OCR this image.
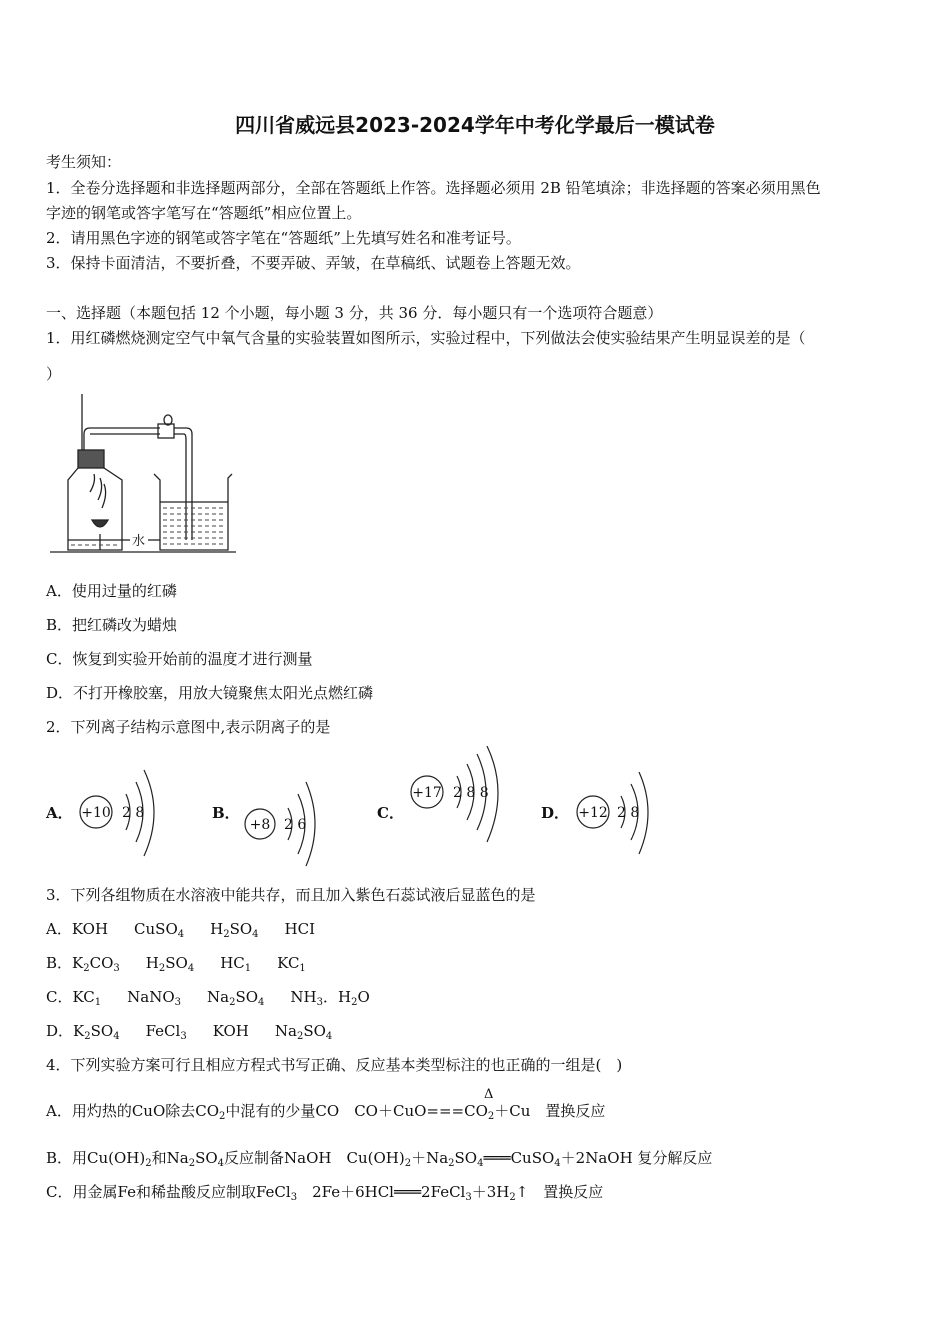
四川省威远县2023-2024学年中考化学最后一模试卷
考生须知：
1．全卷分选择题和非选择题两部分，全部在答题纸上作答。选择题必须用 2B 铅笔填涂；非选择题的答案必须用黑色
字迹的钢笔或答字笔写在“答题纸”相应位置上。
2．请用黑色字迹的钢笔或答字笔在“答题纸”上先填写姓名和准考证号。
3．保持卡面清洁，不要折叠，不要弄破、弄皱，在草稿纸、试题卷上答题无效。
一、选择题（本题包括 12 个小题，每小题 3 分，共 36 分．每小题只有一个选项符合题意）
1．用红磷燃烧测定空气中氧气含量的实验装置如图所示，实验过程中，下列做法会使实验结果产生明显误差的是（
）
水
A．使用过量的红磷
B．把红磷改为蜡烛
C．恢复到实验开始前的温度才进行测量
D．不打开橡胶塞，用放大镜聚焦太阳光点燃红磷
2．下列离子结构示意图中,表示阴离子的是
A． +10 2 8	B．
+8 2 6
C．
+17 2 8 8
D． +12 2 8
3．下列各组物质在水溶液中能共存，而且加入紫色石蕊试液后显蓝色的是
A．KOH CuSO$_4$ $H_2SO_4$ HCI
B．$K_2CO_3$ $H_2SO_4$ $HC_1$ $KC_1$
C．$KC_1$ NaNO$_3$ $Na_2SO_4$ $NH_3$．$H_2O$
D．$K_2SO_4$ FeCl$_3$ KOH $Na_2SO_4$
4．下列实验方案可行且相应方程式书写正确、反应基本类型标注的也正确的一组是(　)
Δ
A．用灼热的CuO除去$CO_2$中混有的少量CO　$CO+CuO===CO_2+Cu$　置换反应
B．用$Cu(OH)_2$和$Na_2SO_4$反应制备NaOH　$Cu(OH)_2+Na_2SO_4═══CuSO_4+2NaOH$ 复分解反应
C．用金属Fe和稀盐酸反应制取FeCl$_3$　$2Fe+6HCl═══2FeCl_3+3H_2↑$　置换反应
